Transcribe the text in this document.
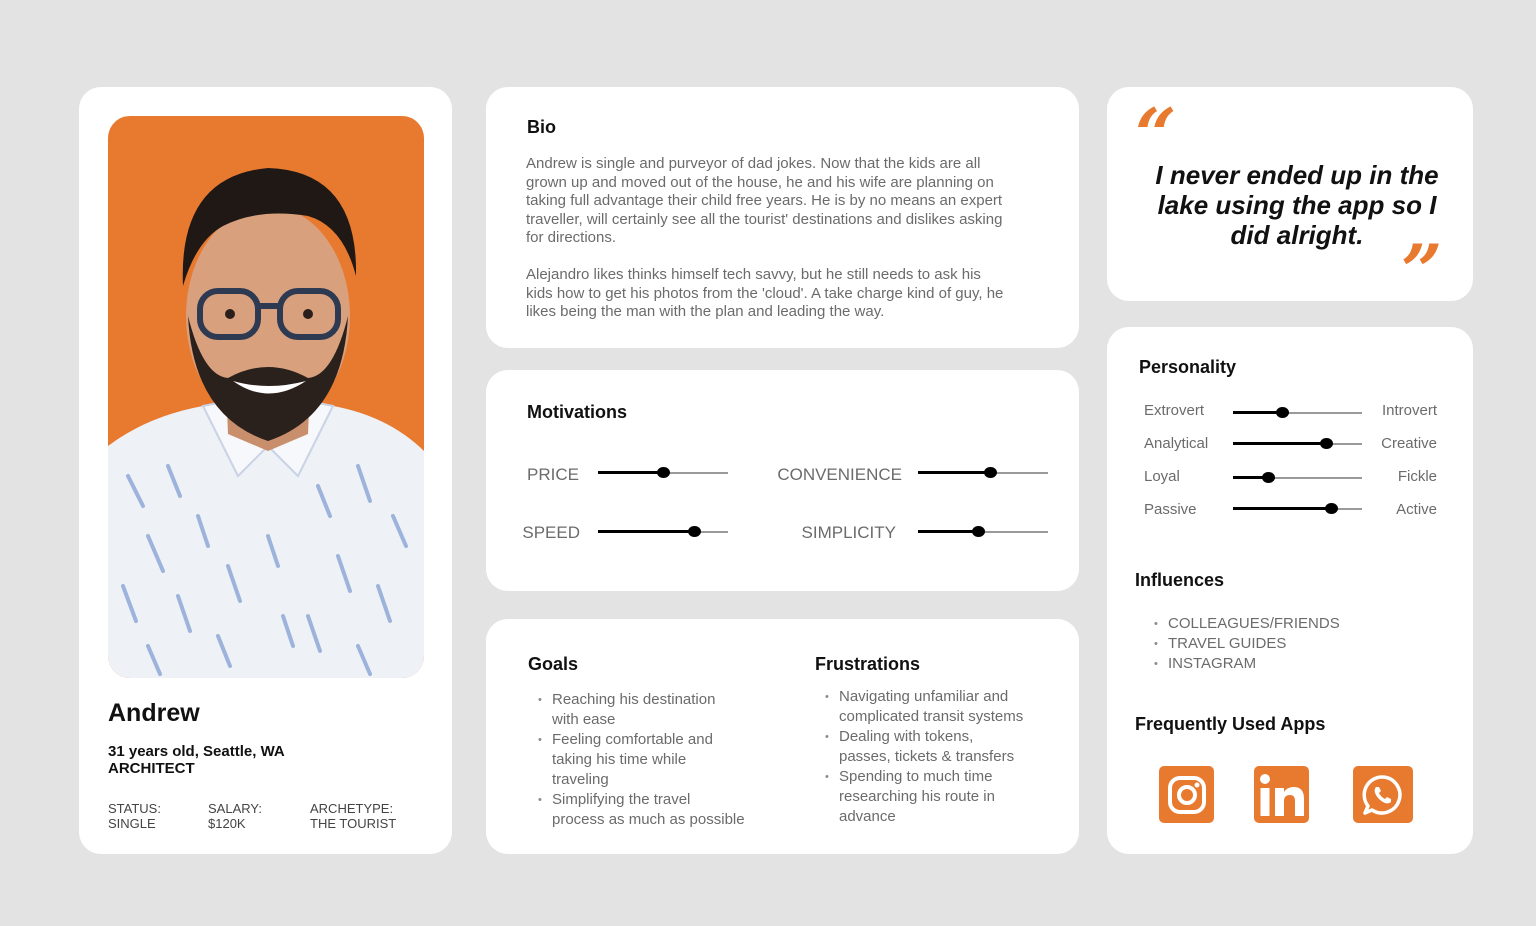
Andrew
31 years old, Seattle, WA
ARCHITECT
STATUS:
SINGLE
SALARY:
$120K
ARCHETYPE:
THE TOURIST
Bio
Andrew is single and purveyor of dad jokes. Now that the kids are all
grown up and moved out of the house, he and his wife are planning on
taking full advantage their child free years. He is by no means an expert
traveller, will certainly see all the tourist' destinations and dislikes asking
for directions.
Alejandro likes thinks himself tech savvy, but he still needs to ask his
kids how to get his photos from the 'cloud'. A take charge kind of guy, he
likes being the man with the plan and leading the way.
Motivations
PRICE	CONVENIENCE
SPEED	SIMPLICITY
Goals
• Reaching his destination
with ease
• Feeling comfortable and
taking his time while
traveling
• Simplifying the travel
process as much as possible
Frustrations
• Navigating unfamiliar and
complicated transit systems
• Dealing with tokens,
passes, tickets & transfers
• Spending to much time
researching his route in
advance
“
I never ended up in the
lake using the app so I
did alright. ”
Personality
Extrovert	Introvert
Analytical	Creative
Loyal	Fickle
Passive	Active
Influences
• COLLEAGUES/FRIENDS
• TRAVEL GUIDES
• INSTAGRAM
Frequently Used Apps
